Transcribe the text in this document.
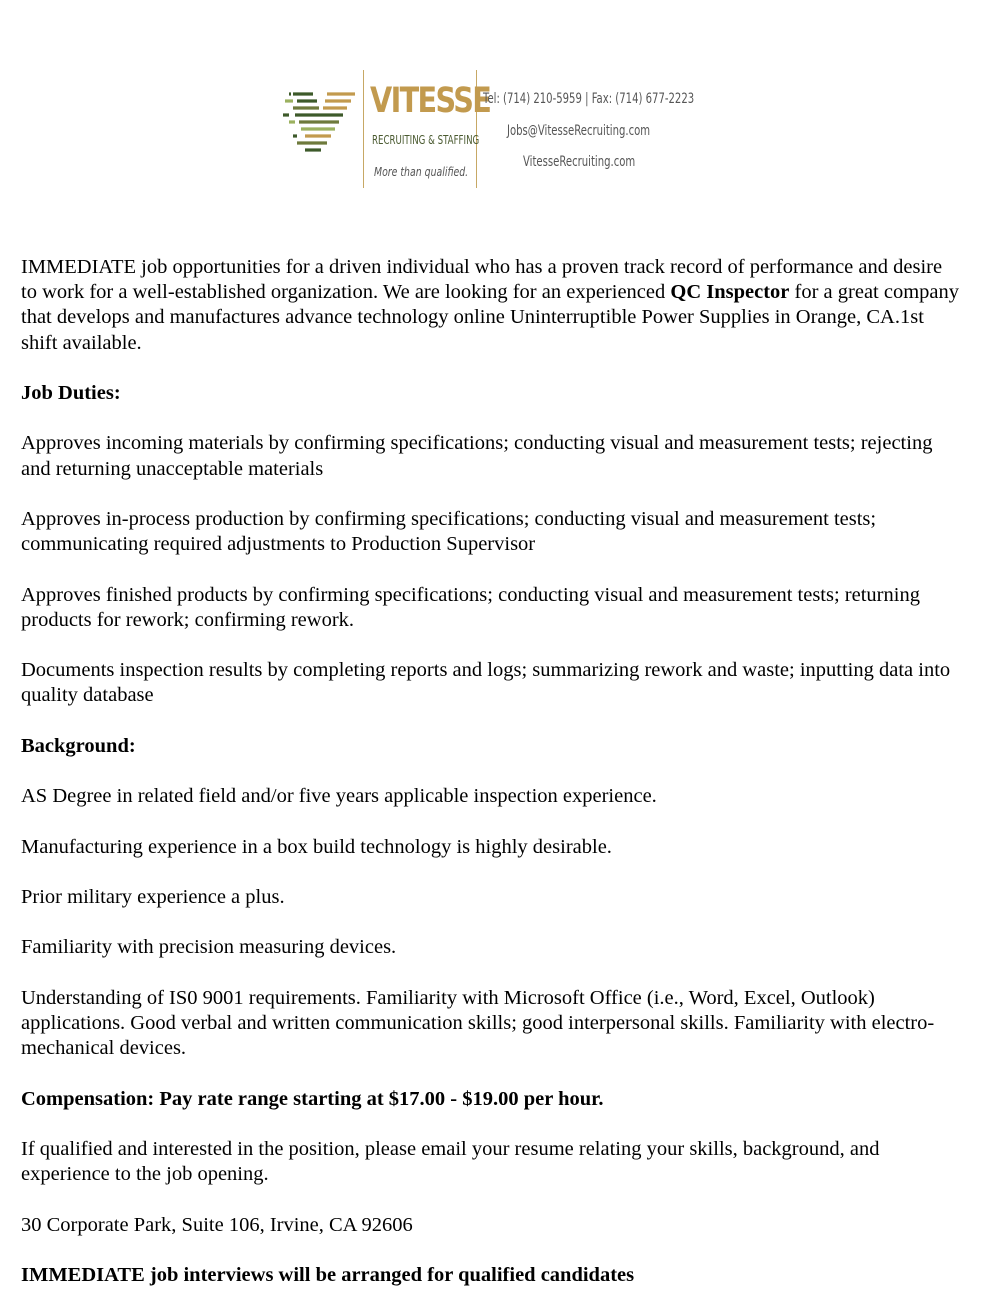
VITESSE
RECRUITING & STAFFING
More than qualified.
Tel: (714) 210-5959 | Fax: (714) 677-2223
Jobs@VitesseRecruiting.com
VitesseRecruiting.com

IMMEDIATE job opportunities for a driven individual who has a proven track record of performance and desire to work for a well-established organization. We are looking for an experienced QC Inspector for a great company that develops and manufactures advance technology online Uninterruptible Power Supplies in Orange, CA.1st shift available.

Job Duties:

Approves incoming materials by confirming specifications; conducting visual and measurement tests; rejecting and returning unacceptable materials

Approves in-process production by confirming specifications; conducting visual and measurement tests; communicating required adjustments to Production Supervisor

Approves finished products by confirming specifications; conducting visual and measurement tests; returning products for rework; confirming rework.

Documents inspection results by completing reports and logs; summarizing rework and waste; inputting data into quality database

Background:

AS Degree in related field and/or five years applicable inspection experience.

Manufacturing experience in a box build technology is highly desirable.

Prior military experience a plus.

Familiarity with precision measuring devices.

Understanding of IS0 9001 requirements. Familiarity with Microsoft Office (i.e., Word, Excel, Outlook) applications. Good verbal and written communication skills; good interpersonal skills. Familiarity with electro-mechanical devices.

Compensation: Pay rate range starting at $17.00 - $19.00 per hour.

If qualified and interested in the position, please email your resume relating your skills, background, and experience to the job opening.

30 Corporate Park, Suite 106, Irvine, CA 92606

IMMEDIATE job interviews will be arranged for qualified candidates
